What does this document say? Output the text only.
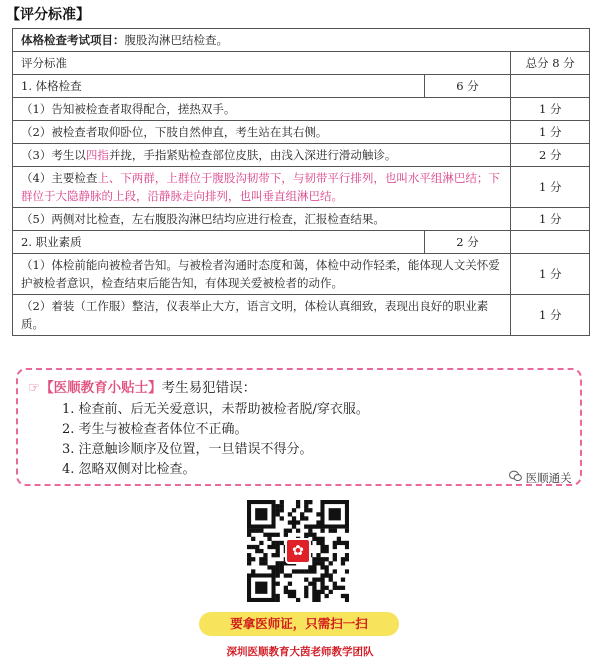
【评分标准】
体格检查考试项目：腹股沟淋巴结检查。		
评分标准		总分 8 分
1. 体格检查	6 分	
（1）告知被检查者取得配合，搓热双手。		1 分
（2）被检查者取仰卧位，下肢自然伸直，考生站在其右侧。		1 分
（3）考生以四指并拢，手指紧贴检查部位皮肤，由浅入深进行滑动触诊。		2 分
（4）主要检查上、下两群，上群位于腹股沟韧带下，与韧带平行排列，也叫水平组淋巴结；下群位于大隐静脉的上段，沿静脉走向排列，也叫垂直组淋巴结。		1 分
（5）两侧对比检查，左右腹股沟淋巴结均应进行检查，汇报检查结果。		1 分
2. 职业素质	2 分	
（1）体检前能向被检者告知。与被检者沟通时态度和蔼，体检中动作轻柔，能体现人文关怀爱护被检者意识，检查结束后能告知，有体现关爱被检者的动作。		1 分
（2）着装（工作服）整洁，仪表举止大方，语言文明，体检认真细致，表现出良好的职业素质。		1 分
☞【医顺教育小贴士】考生易犯错误：
1. 检查前、后无关爱意识，未帮助被检者脱/穿衣服。
2. 考生与被检查者体位不正确。
3. 注意触诊顺序及位置，一旦错误不得分。
4. 忽略双侧对比检查。
医顺通关
✿
要拿医师证，只需扫一扫
深圳医顺教育大茵老师教学团队
